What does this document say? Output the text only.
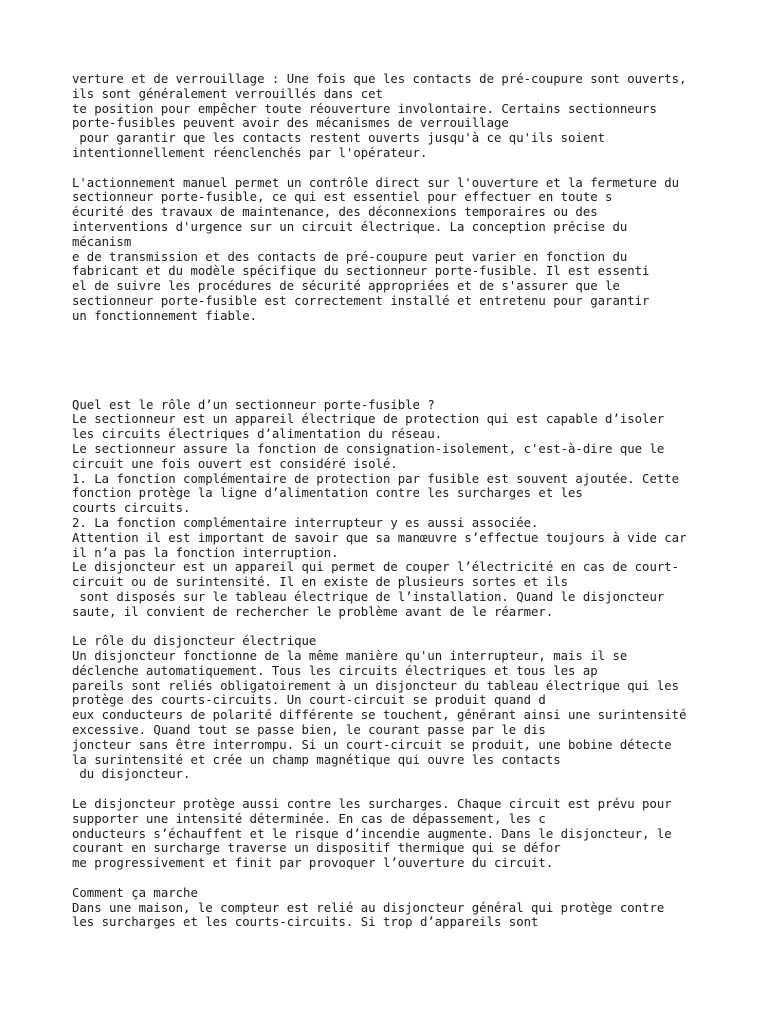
verture et de verrouillage : Une fois que les contacts de pré-coupure sont ouverts,
ils sont généralement verrouillés dans cet
te position pour empêcher toute réouverture involontaire. Certains sectionneurs
porte-fusibles peuvent avoir des mécanismes de verrouillage
pour garantir que les contacts restent ouverts jusqu'à ce qu'ils soient
intentionnellement réenclenchés par l'opérateur.
L'actionnement manuel permet un contrôle direct sur l'ouverture et la fermeture du
sectionneur porte-fusible, ce qui est essentiel pour effectuer en toute s
écurité des travaux de maintenance, des déconnexions temporaires ou des
interventions d'urgence sur un circuit électrique. La conception précise du
mécanism
e de transmission et des contacts de pré-coupure peut varier en fonction du
fabricant et du modèle spécifique du sectionneur porte-fusible. Il est essenti
el de suivre les procédures de sécurité appropriées et de s'assurer que le
sectionneur porte-fusible est correctement installé et entretenu pour garantir
un fonctionnement fiable.
Quel est le rôle d’un sectionneur porte-fusible ?
Le sectionneur est un appareil électrique de protection qui est capable d’isoler
les circuits électriques d’alimentation du réseau.
Le sectionneur assure la fonction de consignation-isolement, c'est-à-dire que le
circuit une fois ouvert est considéré isolé.
1. La fonction complémentaire de protection par fusible est souvent ajoutée. Cette
fonction protège la ligne d’alimentation contre les surcharges et les
courts circuits.
2. La fonction complémentaire interrupteur y es aussi associée.
Attention il est important de savoir que sa manœuvre s’effectue toujours à vide car
il n’a pas la fonction interruption.
Le disjoncteur est un appareil qui permet de couper l’électricité en cas de court-
circuit ou de surintensité. Il en existe de plusieurs sortes et ils
sont disposés sur le tableau électrique de l’installation. Quand le disjoncteur
saute, il convient de rechercher le problème avant de le réarmer.
Le rôle du disjoncteur électrique
Un disjoncteur fonctionne de la même manière qu'un interrupteur, mais il se
déclenche automatiquement. Tous les circuits électriques et tous les ap
pareils sont reliés obligatoirement à un disjoncteur du tableau électrique qui les
protège des courts-circuits. Un court-circuit se produit quand d
eux conducteurs de polarité différente se touchent, générant ainsi une surintensité
excessive. Quand tout se passe bien, le courant passe par le dis
joncteur sans être interrompu. Si un court-circuit se produit, une bobine détecte
la surintensité et crée un champ magnétique qui ouvre les contacts
du disjoncteur.
Le disjoncteur protège aussi contre les surcharges. Chaque circuit est prévu pour
supporter une intensité déterminée. En cas de dépassement, les c
onducteurs s’échauffent et le risque d’incendie augmente. Dans le disjoncteur, le
courant en surcharge traverse un dispositif thermique qui se défor
me progressivement et finit par provoquer l’ouverture du circuit.
Comment ça marche
Dans une maison, le compteur est relié au disjoncteur général qui protège contre
les surcharges et les courts-circuits. Si trop d’appareils sont
